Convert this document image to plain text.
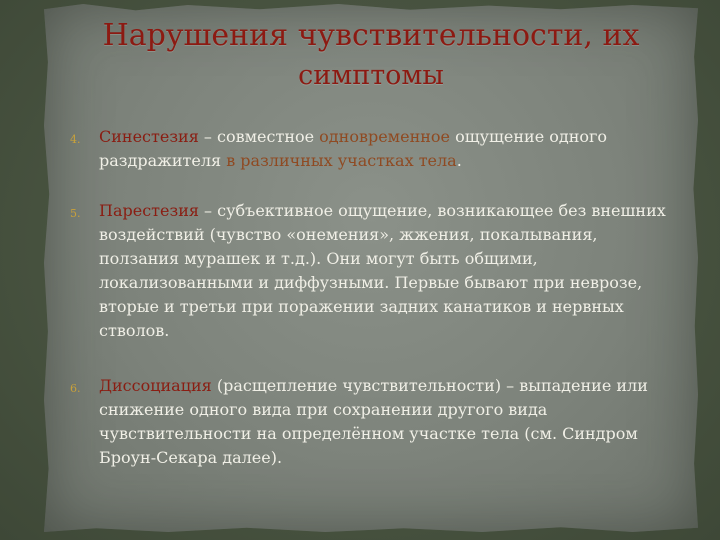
Нарушения чувствительности, их
симптомы
4. Синестезия – совместное одновременное ощущение одного раздражителя в различных участках тела.
5. Парестезия – субъективное ощущение, возникающее без внешних воздействий (чувство «онемения», жжения, покалывания, ползания мурашек и т.д.). Они могут быть общими, локализованными и диффузными. Первые бывают при неврозе, вторые и третьи при поражении задних канатиков и нервных стволов.
6. Диссоциация (расщепление чувствительности) – выпадение или снижение одного вида при сохранении другого вида чувствительности на определённом участке тела (см. Синдром Броун-Секара далее).
